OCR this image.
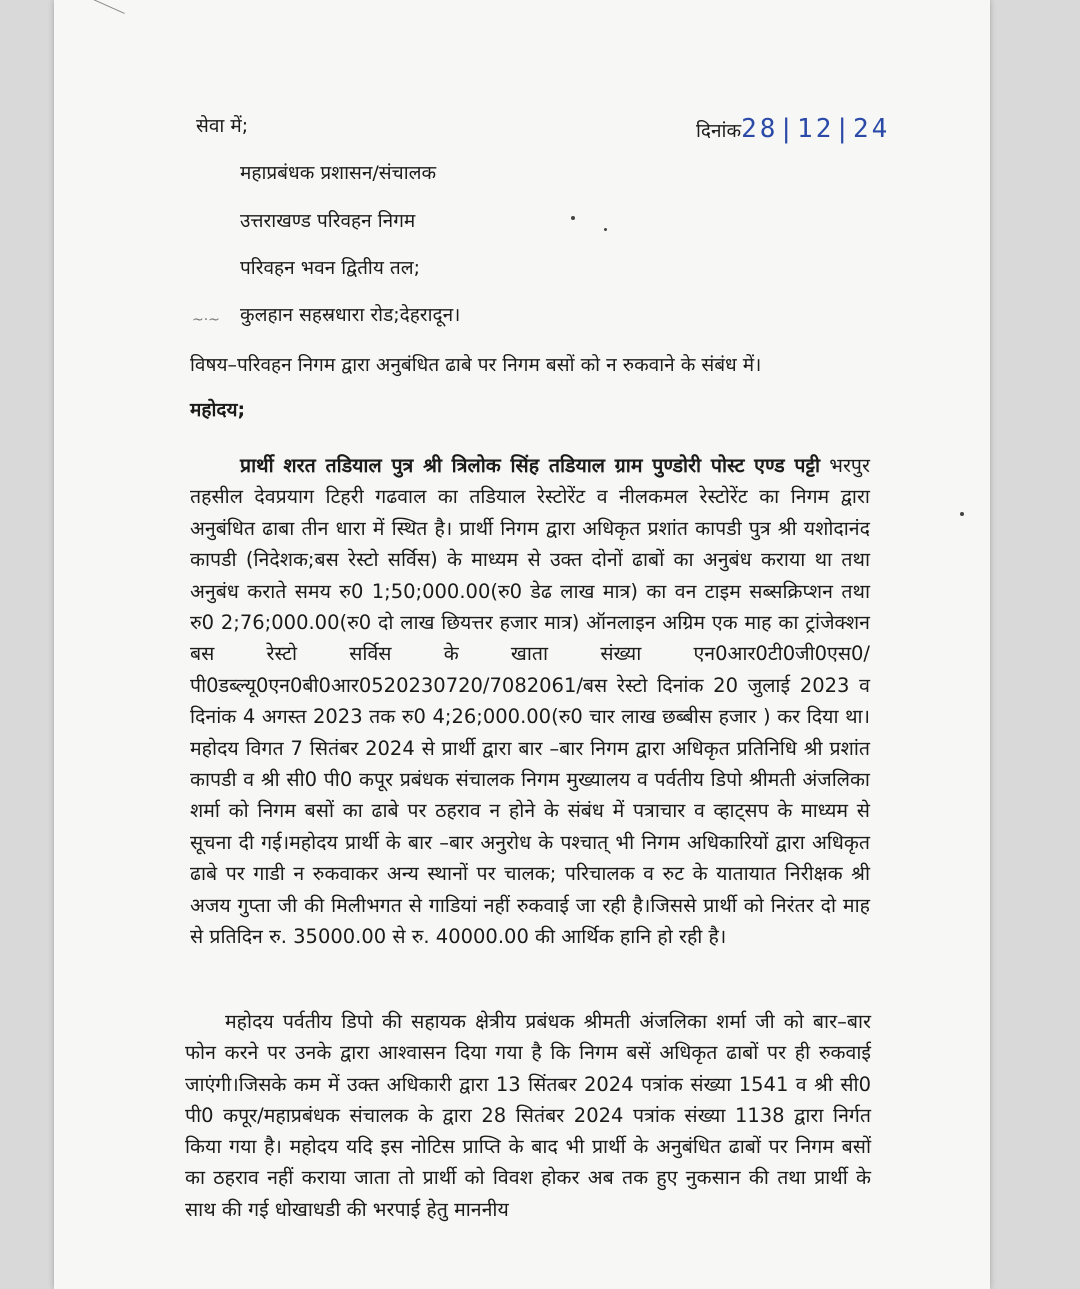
सेवा में;	दिनांक28|12|24
महाप्रबंधक प्रशासन/संचालक
उत्तराखण्ड परिवहन निगम
परिवहन भवन द्वितीय तल;
~·~ कुलहान सहस्रधारा रोड;देहरादून।
विषय–परिवहन निगम द्वारा अनुबंधित ढाबे पर निगम बसों को न रुकवाने के संबंध में।
महोदय;
प्रार्थी शरत तडियाल पुत्र श्री त्रिलोक सिंह तडियाल ग्राम पुण्डोरी पोस्ट एण्ड पट्टी भरपुर तहसील देवप्रयाग टिहरी गढवाल का तडियाल रेस्टोरेंट व नीलकमल रेस्टोरेंट का निगम द्वारा अनुबंधित ढाबा तीन धारा में स्थित है। प्रार्थी निगम द्वारा अधिकृत प्रशांत कापडी पुत्र श्री यशोदानंद कापडी (निदेशक;बस रेस्टो सर्विस) के माध्यम से उक्त दोनों ढाबों का अनुबंध कराया था तथा अनुबंध कराते समय रु0 1;50;000.00(रु0 डेढ लाख मात्र) का वन टाइम सब्सक्रिप्शन तथा रु0 2;76;000.00(रु0 दो लाख छियत्तर हजार मात्र) ऑनलाइन अग्रिम एक माह का ट्रांजेक्शन बस रेस्टो सर्विस के खाता संख्या एन0आर0टी0जी0एस0/पी0डब्ल्यू0एन0बी0आर0520230720/7082061/बस रेस्टो दिनांक 20 जुलाई 2023 व दिनांक 4 अगस्त 2023 तक रु0 4;26;000.00(रु0 चार लाख छब्बीस हजार ) कर दिया था। महोदय विगत 7 सितंबर 2024 से प्रार्थी द्वारा बार –बार निगम द्वारा अधिकृत प्रतिनिधि श्री प्रशांत कापडी व श्री सी0 पी0 कपूर प्रबंधक संचालक निगम मुख्यालय व पर्वतीय डिपो श्रीमती अंजलिका शर्मा को निगम बसों का ढाबे पर ठहराव न होने के संबंध में पत्राचार व व्हाट्सप के माध्यम से सूचना दी गई।महोदय प्रार्थी के बार –बार अनुरोध के पश्चात् भी निगम अधिकारियों द्वारा अधिकृत ढाबे पर गाडी न रुकवाकर अन्य स्थानों पर चालक; परिचालक व रुट के यातायात निरीक्षक श्री अजय गुप्ता जी की मिलीभगत से गाडियां नहीं रुकवाई जा रही है।जिससे प्रार्थी को निरंतर दो माह से प्रतिदिन रु. 35000.00 से रु. 40000.00 की आर्थिक हानि हो रही है।
महोदय पर्वतीय डिपो की सहायक क्षेत्रीय प्रबंधक श्रीमती अंजलिका शर्मा जी को बार–बार फोन करने पर उनके द्वारा आश्वासन दिया गया है कि निगम बसें अधिकृत ढाबों पर ही रुकवाई जाएंगी।जिसके कम में उक्त अधिकारी द्वारा 13 सिंतबर 2024 पत्रांक संख्या 1541 व श्री सी0 पी0 कपूर/महाप्रबंधक संचालक के द्वारा 28 सितंबर 2024 पत्रांक संख्या 1138 द्वारा निर्गत किया गया है। महोदय यदि इस नोटिस प्राप्ति के बाद भी प्रार्थी के अनुबंधित ढाबों पर निगम बसों का ठहराव नहीं कराया जाता तो प्रार्थी को विवश होकर अब तक हुए नुकसान की तथा प्रार्थी के साथ की गई धोखाधडी की भरपाई हेतु माननीय
